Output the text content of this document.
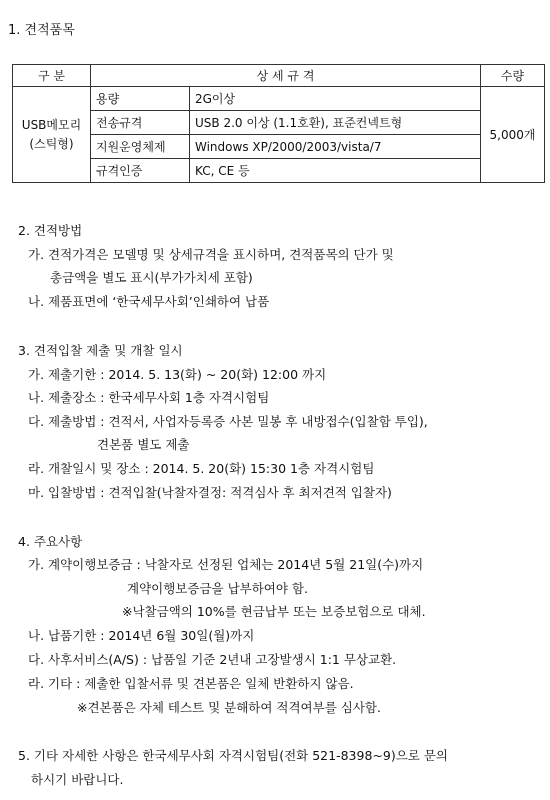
1. 견적품목
구 분	상 세 규 격		수량

USB메모리
(스틱형)	용량	2G이상	5,000개
	전송규격	USB 2.0 이상 (1.1호환), 표준컨넥트형	
	지원운영체제	Windows XP/2000/2003/vista/7	
	규격인증	KC, CE 등	
2. 견적방법
가. 견적가격은 모델명 및 상세규격을 표시하며, 견적품목의 단가 및
총금액을 별도 표시(부가가치세 포함)
나. 제품표면에 ‘한국세무사회’인쇄하여 납품
3. 견적입찰 제출 및 개찰 일시
가. 제출기한 : 2014. 5. 13(화) ~ 20(화) 12:00 까지
나. 제출장소 : 한국세무사회 1층 자격시험팀
다. 제출방법 : 견적서, 사업자등록증 사본 밀봉 후 내방접수(입찰함 투입),
견본품 별도 제출
라. 개찰일시 및 장소 : 2014. 5. 20(화) 15:30 1층 자격시험팀
마. 입찰방법 : 견적입찰(낙찰자결정: 적격심사 후 최저견적 입찰자)
4. 주요사항
가. 계약이행보증금 : 낙찰자로 선정된 업체는 2014년 5월 21일(수)까지
계약이행보증금을 납부하여야 함.
※낙찰금액의 10%를 현금납부 또는 보증보험으로 대체.
나. 납품기한 : 2014년 6월 30일(월)까지
다. 사후서비스(A/S) : 납품일 기준 2년내 고장발생시 1:1 무상교환.
라. 기타 : 제출한 입찰서류 및 견본품은 일체 반환하지 않음.
※견본품은 자체 테스트 및 분해하여 적격여부를 심사함.
5. 기타 자세한 사항은 한국세무사회 자격시험팀(전화 521-8398~9)으로 문의
하시기 바랍니다.
